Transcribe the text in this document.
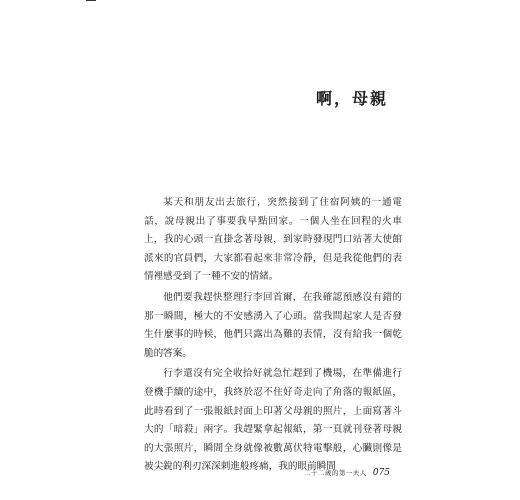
啊，母親

某天和朋友出去旅行，突然接到了住宿阿姨的一通電話，說母親出了事要我早點回家。一個人坐在回程的火車上，我的心頭一直掛念著母親，到家時發現門口站著大使館派來的官員們，大家都看起來非常冷靜，但是我從他們的表情裡感受到了一種不安的情緒。

他們要我趕快整理行李回首爾，在我確認預感沒有錯的那一瞬間，極大的不安感湧入了心頭。當我問起家人是否發生什麼事的時候，他們只露出為難的表情，沒有給我一個乾脆的答案。

行李還沒有完全收拾好就急忙趕到了機場，在準備進行登機手續的途中，我終於忍不住好奇走向了角落的報紙區，此時看到了一張報紙封面上印著父母親的照片，上面寫著斗大的「暗殺」兩字。我趕緊拿起報紙，第一頁就刊登著母親的大張照片，瞬間全身就像被數萬伏特電擊般，心臟則像是被尖銳的利刃深深刺進般疼痛，我的眼前瞬間

二十二歲的第一夫人 075
